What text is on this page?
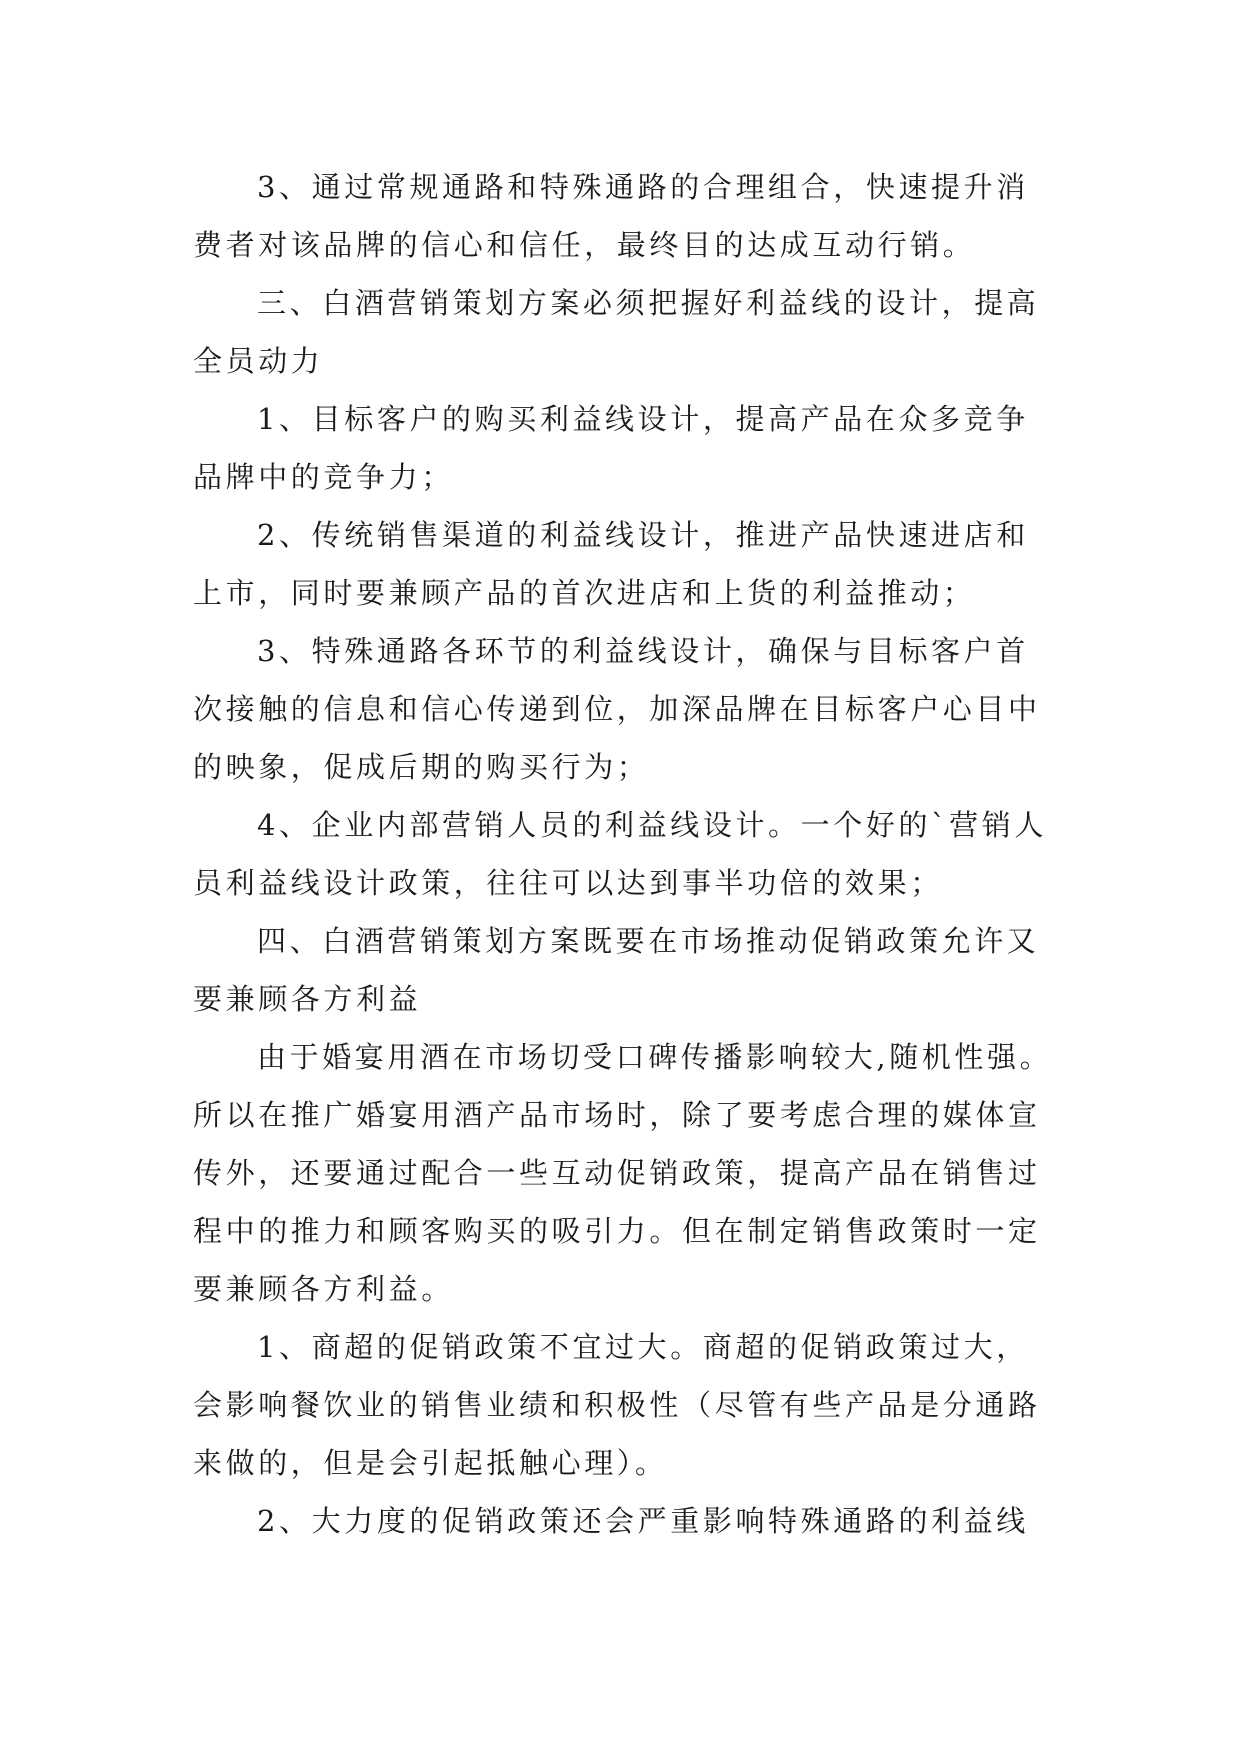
3、通过常规通路和特殊通路的合理组合，快速提升消
费者对该品牌的信心和信任，最终目的达成互动行销。
三、白酒营销策划方案必须把握好利益线的设计，提高
全员动力
1、目标客户的购买利益线设计，提高产品在众多竞争
品牌中的竞争力；
2、传统销售渠道的利益线设计，推进产品快速进店和
上市，同时要兼顾产品的首次进店和上货的利益推动；
3、特殊通路各环节的利益线设计，确保与目标客户首
次接触的信息和信心传递到位，加深品牌在目标客户心目中
的映象，促成后期的购买行为；
4、企业内部营销人员的利益线设计。一个好的`营销人
员利益线设计政策，往往可以达到事半功倍的效果；
四、白酒营销策划方案既要在市场推动促销政策允许又
要兼顾各方利益
由于婚宴用酒在市场切受口碑传播影响较大,随机性强。
所以在推广婚宴用酒产品市场时，除了要考虑合理的媒体宣
传外，还要通过配合一些互动促销政策，提高产品在销售过
程中的推力和顾客购买的吸引力。但在制定销售政策时一定
要兼顾各方利益。
1、商超的促销政策不宜过大。商超的促销政策过大，
会影响餐饮业的销售业绩和积极性（尽管有些产品是分通路
来做的，但是会引起抵触心理）。
2、大力度的促销政策还会严重影响特殊通路的利益线
